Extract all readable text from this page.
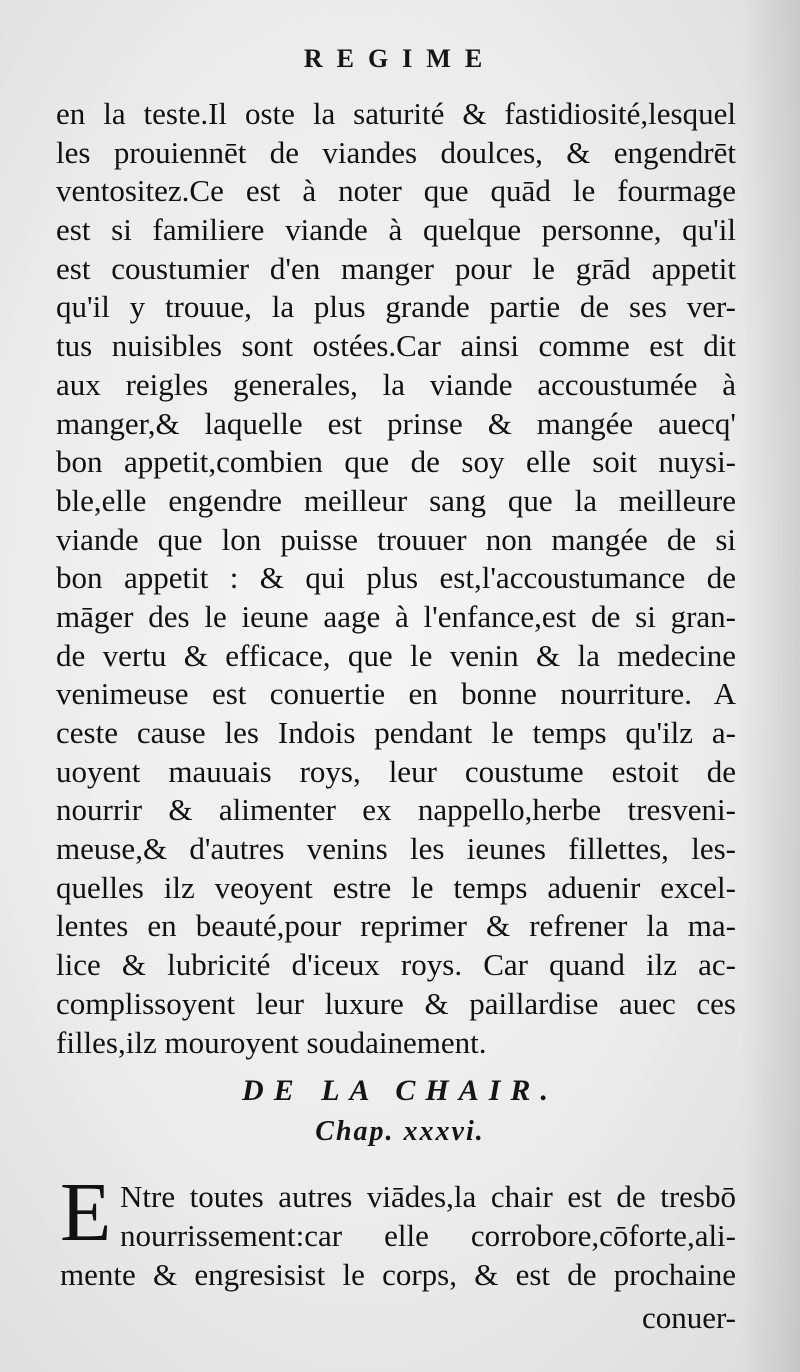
REGIME
en la teste.Il oste la saturité & fastidiosité,lesquel
les prouiennēt de viandes doulces, & engendrēt
ventositez.Ce est à noter que quād le fourmage
est si familiere viande à quelque personne, qu'il
est coustumier d'en manger pour le grād appetit
qu'il y trouue, la plus grande partie de ses ver-
tus nuisibles sont ostées.Car ainsi comme est dit
aux reigles generales, la viande accoustumée à
manger,& laquelle est prinse & mangée auecq'
bon appetit,combien que de soy elle soit nuysi-
ble,elle engendre meilleur sang que la meilleure
viande que lon puisse trouuer non mangée de si
bon appetit : & qui plus est,l'accoustumance de
māger des le ieune aage à l'enfance,est de si gran-
de vertu & efficace, que le venin & la medecine
venimeuse est conuertie en bonne nourriture. A
ceste cause les Indois pendant le temps qu'ilz a-
uoyent mauuais roys, leur coustume estoit de
nourrir & alimenter ex nappello,herbe tresveni-
meuse,& d'autres venins les ieunes fillettes, les-
quelles ilz veoyent estre le temps aduenir excel-
lentes en beauté,pour reprimer & refrener la ma-
lice & lubricité d'iceux roys. Car quand ilz ac-
complissoyent leur luxure & paillardise auec ces
filles,ilz mouroyent soudainement.
DE LA CHAIR.
Chap. xxxvi.
E Ntre toutes autres viādes,la chair est de tresbō
nourrissement:car elle corrobore,cōforte,ali-
mente & engresisist le corps, & est de prochaine
conuer-
